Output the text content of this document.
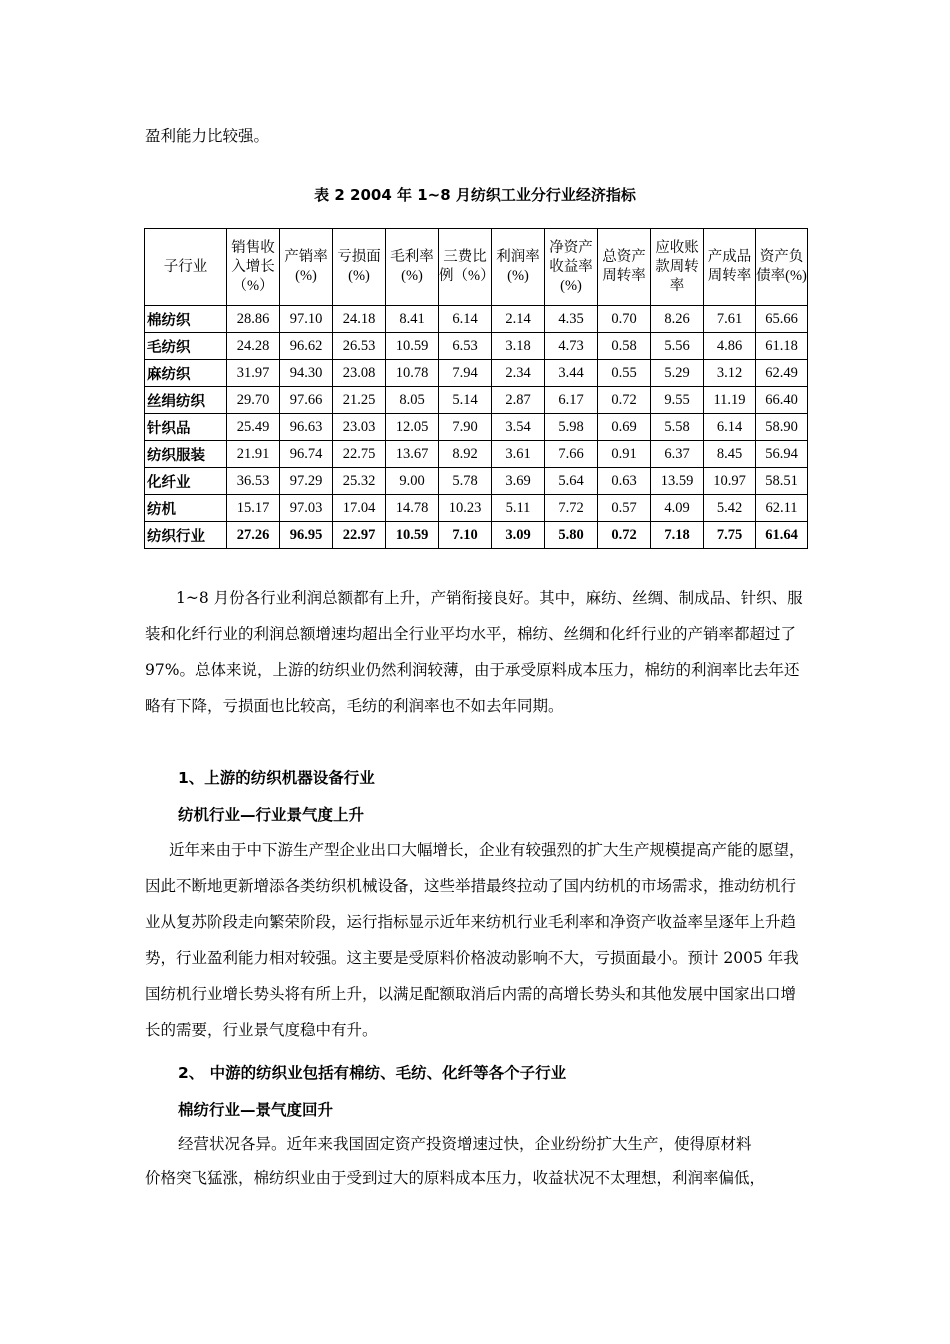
盈利能力比较强。

表 2 2004 年 1~8 月纺织工业分行业经济指标
子行业	销售收入增长（%）	产销率(%)	亏损面(%)	毛利率(%)	三费比例（%）	利润率(%)	净资产收益率(%)	总资产周转率	应收账款周转率	产成品周转率	资产负债率(%)
棉纺织	28.86	97.10	24.18	8.41	6.14	2.14	4.35	0.70	8.26	7.61	65.66
毛纺织	24.28	96.62	26.53	10.59	6.53	3.18	4.73	0.58	5.56	4.86	61.18
麻纺织	31.97	94.30	23.08	10.78	7.94	2.34	3.44	0.55	5.29	3.12	62.49
丝绢纺织	29.70	97.66	21.25	8.05	5.14	2.87	6.17	0.72	9.55	11.19	66.40
针织品	25.49	96.63	23.03	12.05	7.90	3.54	5.98	0.69	5.58	6.14	58.90
纺织服装	21.91	96.74	22.75	13.67	8.92	3.61	7.66	0.91	6.37	8.45	56.94
化纤业	36.53	97.29	25.32	9.00	5.78	3.69	5.64	0.63	13.59	10.97	58.51
纺机	15.17	97.03	17.04	14.78	10.23	5.11	7.72	0.57	4.09	5.42	62.11
纺织行业	27.26	96.95	22.97	10.59	7.10	3.09	5.80	0.72	7.18	7.75	61.64

1~8 月份各行业利润总额都有上升，产销衔接良好。其中，麻纺、丝绸、制成品、针织、服装和化纤行业的利润总额增速均超出全行业平均水平，棉纺、丝绸和化纤行业的产销率都超过了 97%。总体来说，上游的纺织业仍然利润较薄，由于承受原料成本压力，棉纺的利润率比去年还略有下降，亏损面也比较高，毛纺的利润率也不如去年同期。

1、上游的纺织机器设备行业

纺机行业—行业景气度上升

近年来由于中下游生产型企业出口大幅增长，企业有较强烈的扩大生产规模提高产能的愿望，因此不断地更新增添各类纺织机械设备，这些举措最终拉动了国内纺机的市场需求，推动纺机行业从复苏阶段走向繁荣阶段，运行指标显示近年来纺机行业毛利率和净资产收益率呈逐年上升趋势，行业盈利能力相对较强。这主要是受原料价格波动影响不大，亏损面最小。预计 2005 年我国纺机行业增长势头将有所上升，以满足配额取消后内需的高增长势头和其他发展中国家出口增长的需要，行业景气度稳中有升。

2、 中游的纺织业包括有棉纺、毛纺、化纤等各个子行业

棉纺行业—景气度回升

经营状况各异。近年来我国固定资产投资增速过快，企业纷纷扩大生产，使得原材料

价格突飞猛涨，棉纺织业由于受到过大的原料成本压力，收益状况不太理想，利润率偏低，
